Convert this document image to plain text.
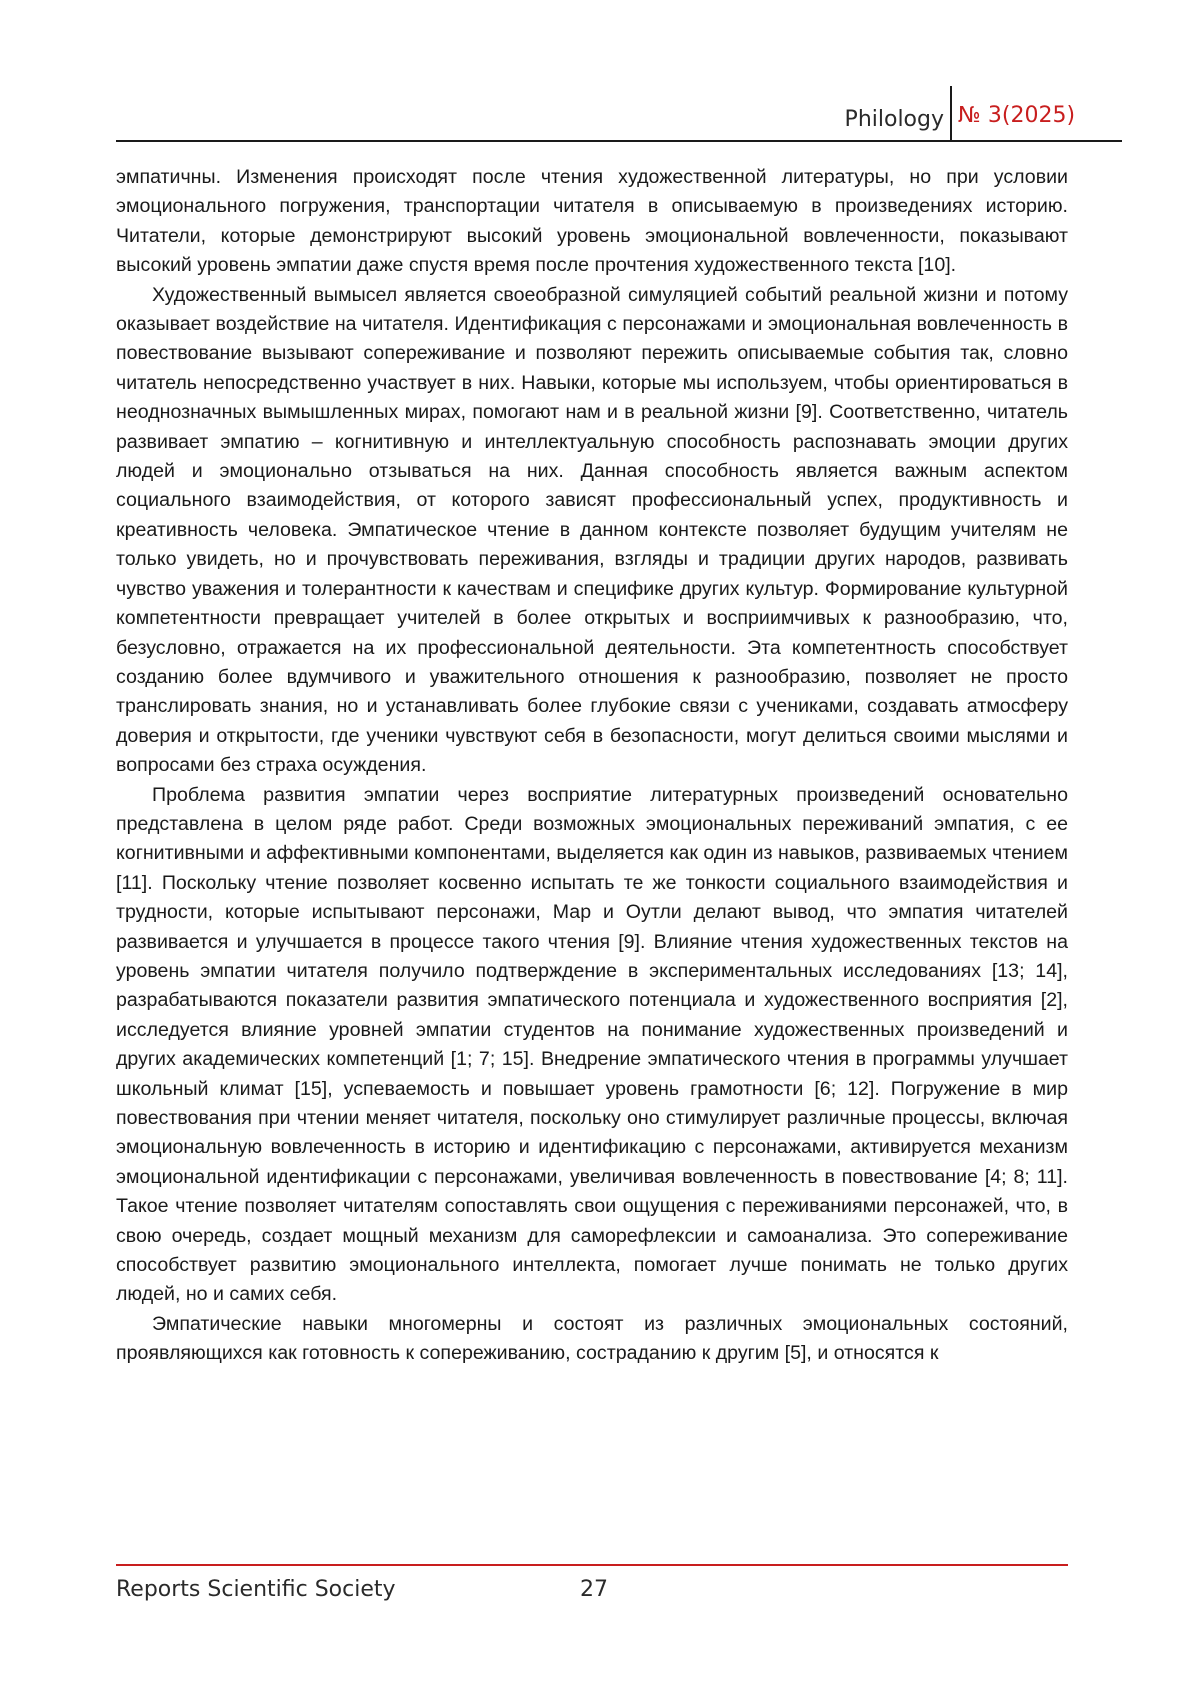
Philology № 3(2025)

эмпатичны. Изменения происходят после чтения художественной литературы, но при условии эмоционального погружения, транспортации читателя в описываемую в произведениях историю. Читатели, которые демонстрируют высокий уровень эмоциональной вовлеченности, показывают высокий уровень эмпатии даже спустя время после прочтения художественного текста [10].

Художественный вымысел является своеобразной симуляцией событий реальной жизни и потому оказывает воздействие на читателя. Идентификация с персонажами и эмоциональная вовлеченность в повествование вызывают сопереживание и позволяют пережить описываемые события так, словно читатель непосредственно участвует в них. Навыки, которые мы используем, чтобы ориентироваться в неоднозначных вымышленных мирах, помогают нам и в реальной жизни [9]. Соответственно, читатель развивает эмпатию – когнитивную и интеллектуальную способность распознавать эмоции других людей и эмоционально отзываться на них. Данная способность является важным аспектом социального взаимодействия, от которого зависят профессиональный успех, продуктивность и креативность человека. Эмпатическое чтение в данном контексте позволяет будущим учителям не только увидеть, но и прочувствовать переживания, взгляды и традиции других народов, развивать чувство уважения и толерантности к качествам и специфике других культур. Формирование культурной компетентности превращает учителей в более открытых и восприимчивых к разнообразию, что, безусловно, отражается на их профессиональной деятельности. Эта компетентность способствует созданию более вдумчивого и уважительного отношения к разнообразию, позволяет не просто транслировать знания, но и устанавливать более глубокие связи с учениками, создавать атмосферу доверия и открытости, где ученики чувствуют себя в безопасности, могут делиться своими мыслями и вопросами без страха осуждения.

Проблема развития эмпатии через восприятие литературных произведений основательно представлена в целом ряде работ. Среди возможных эмоциональных переживаний эмпатия, с ее когнитивными и аффективными компонентами, выделяется как один из навыков, развиваемых чтением [11]. Поскольку чтение позволяет косвенно испытать те же тонкости социального взаимодействия и трудности, которые испытывают персонажи, Мар и Оутли делают вывод, что эмпатия читателей развивается и улучшается в процессе такого чтения [9]. Влияние чтения художественных текстов на уровень эмпатии читателя получило подтверждение в экспериментальных исследованиях [13; 14], разрабатываются показатели развития эмпатического потенциала и художественного восприятия [2], исследуется влияние уровней эмпатии студентов на понимание художественных произведений и других академических компетенций [1; 7; 15]. Внедрение эмпатического чтения в программы улучшает школьный климат [15], успеваемость и повышает уровень грамотности [6; 12]. Погружение в мир повествования при чтении меняет читателя, поскольку оно стимулирует различные процессы, включая эмоциональную вовлеченность в историю и идентификацию с персонажами, активируется механизм эмоциональной идентификации с персонажами, увеличивая вовлеченность в повествование [4; 8; 11]. Такое чтение позволяет читателям сопоставлять свои ощущения с переживаниями персонажей, что, в свою очередь, создает мощный механизм для саморефлексии и самоанализа. Это сопереживание способствует развитию эмоционального интеллекта, помогает лучше понимать не только других людей, но и самих себя.

Эмпатические навыки многомерны и состоят из различных эмоциональных состояний, проявляющихся как готовность к сопереживанию, состраданию к другим [5], и относятся к

Reports Scientific Society	27
